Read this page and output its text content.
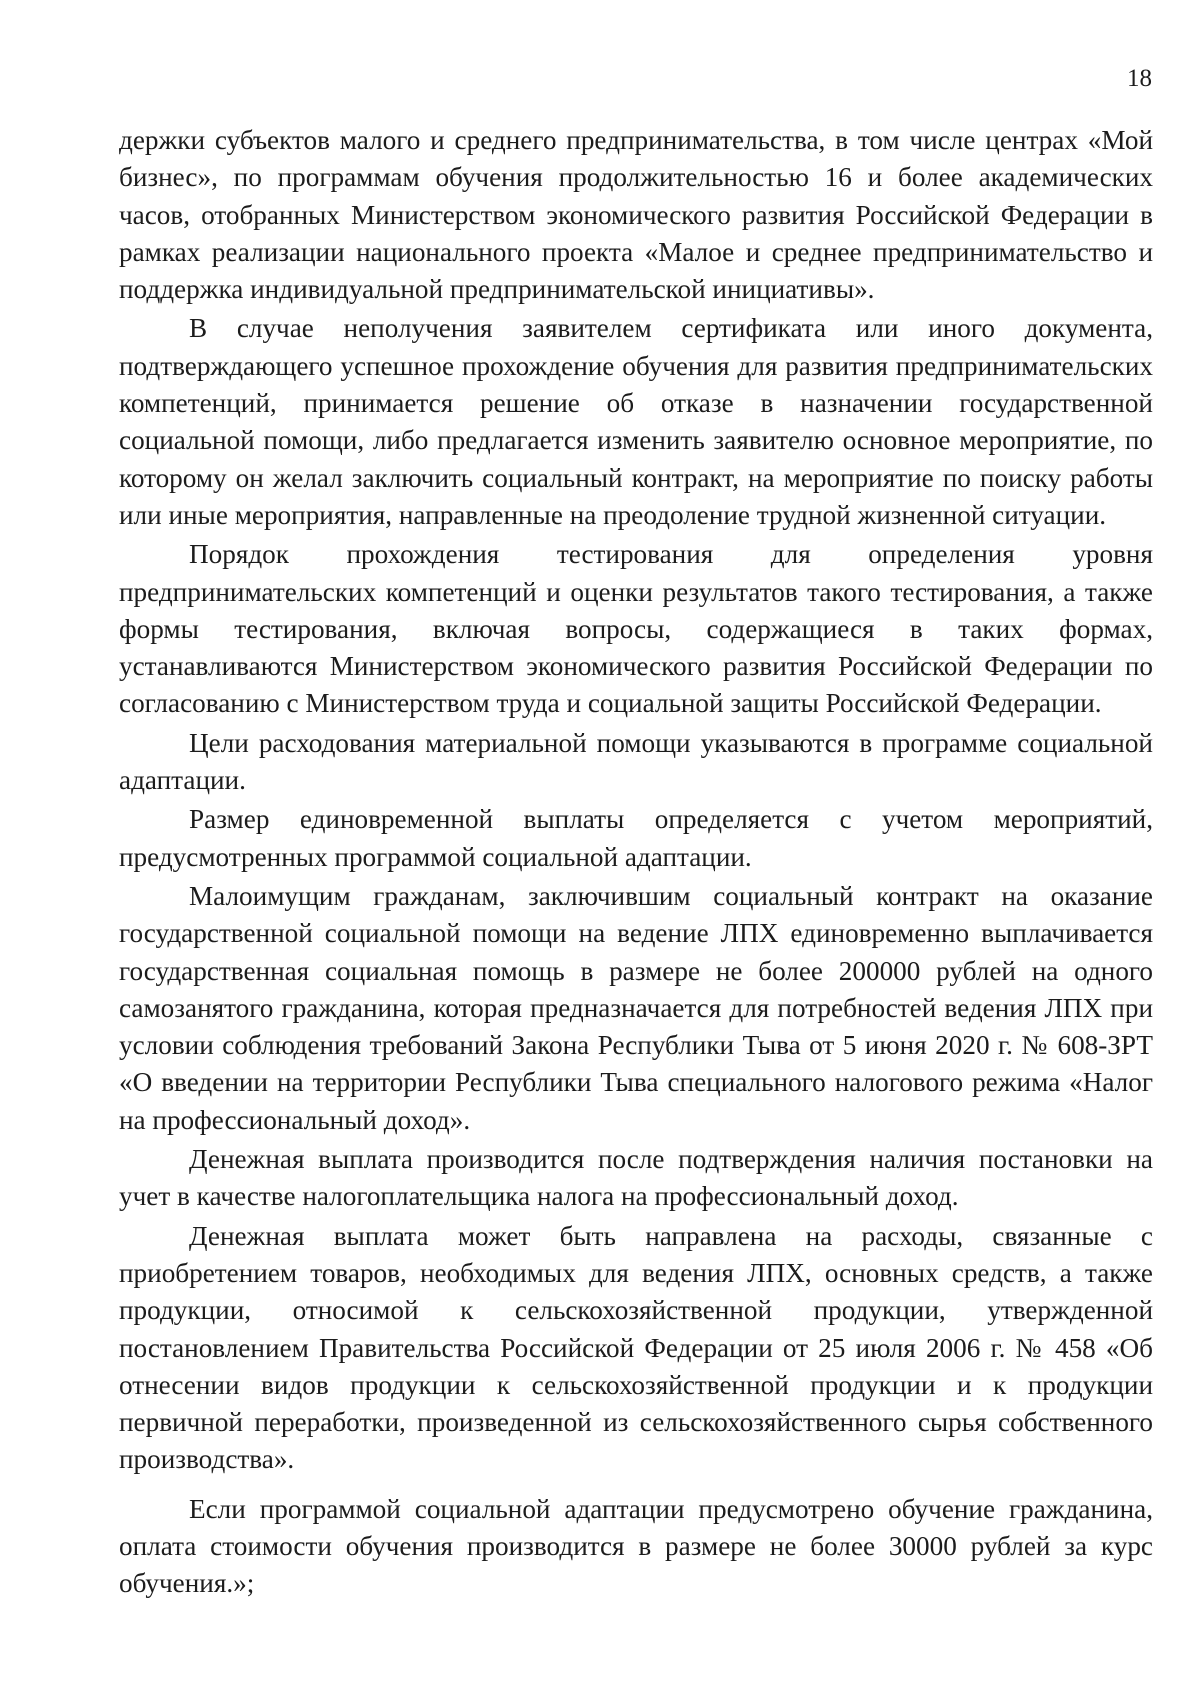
18

держки субъектов малого и среднего предпринимательства, в том числе центрах «Мой бизнес», по программам обучения продолжительностью 16 и более академических часов, отобранных Министерством экономического развития Российской Федерации в рамках реализации национального проекта «Малое и среднее предпринимательство и поддержка индивидуальной предпринимательской инициативы».

В случае неполучения заявителем сертификата или иного документа, подтверждающего успешное прохождение обучения для развития предпринимательских компетенций, принимается решение об отказе в назначении государственной социальной помощи, либо предлагается изменить заявителю основное мероприятие, по которому он желал заключить социальный контракт, на мероприятие по поиску работы или иные мероприятия, направленные на преодоление трудной жизненной ситуации.

Порядок прохождения тестирования для определения уровня предпринимательских компетенций и оценки результатов такого тестирования, а также формы тестирования, включая вопросы, содержащиеся в таких формах, устанавливаются Министерством экономического развития Российской Федерации по согласованию с Министерством труда и социальной защиты Российской Федерации.

Цели расходования материальной помощи указываются в программе социальной адаптации.

Размер единовременной выплаты определяется с учетом мероприятий, предусмотренных программой социальной адаптации.

Малоимущим гражданам, заключившим социальный контракт на оказание государственной социальной помощи на ведение ЛПХ единовременно выплачивается государственная социальная помощь в размере не более 200000 рублей на одного самозанятого гражданина, которая предназначается для потребностей ведения ЛПХ при условии соблюдения требований Закона Республики Тыва от 5 июня 2020 г. № 608-ЗРТ «О введении на территории Республики Тыва специального налогового режима «Налог на профессиональный доход».

Денежная выплата производится после подтверждения наличия постановки на учет в качестве налогоплательщика налога на профессиональный доход.

Денежная выплата может быть направлена на расходы, связанные с приобретением товаров, необходимых для ведения ЛПХ, основных средств, а также продукции, относимой к сельскохозяйственной продукции, утвержденной постановлением Правительства Российской Федерации от 25 июля 2006 г. № 458 «Об отнесении видов продукции к сельскохозяйственной продукции и к продукции первичной переработки, произведенной из сельскохозяйственного сырья собственного производства».

Если программой социальной адаптации предусмотрено обучение гражданина, оплата стоимости обучения производится в размере не более 30000 рублей за курс обучения.»;
